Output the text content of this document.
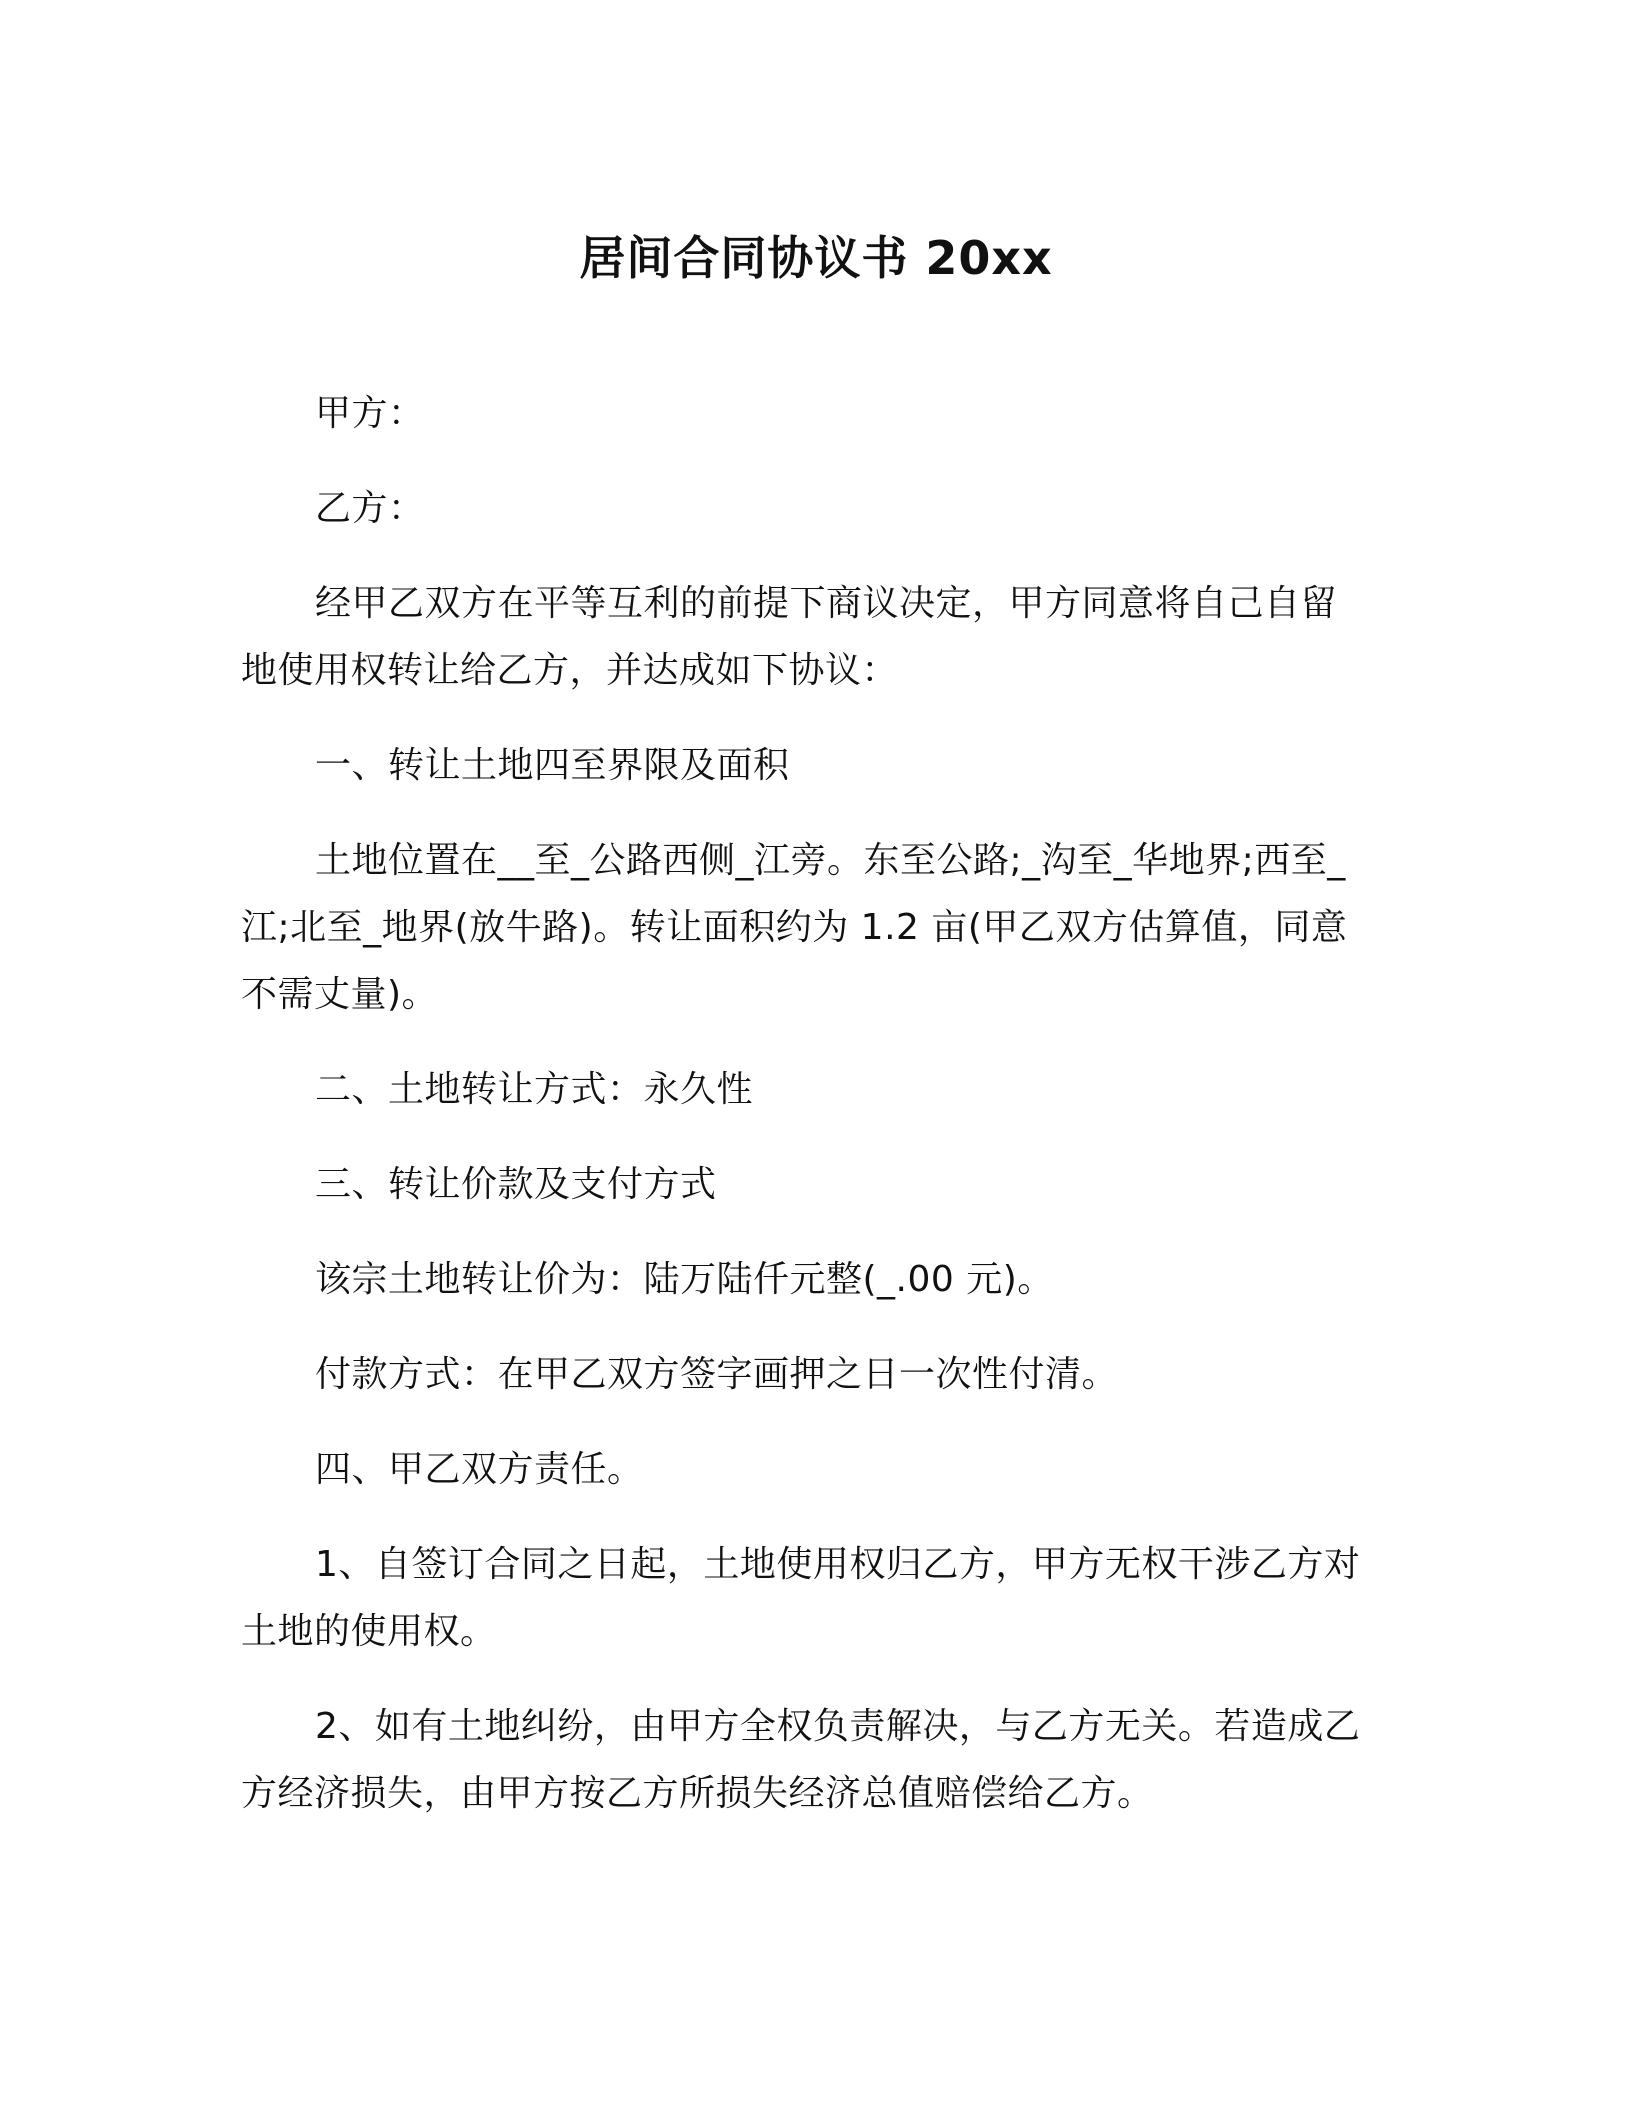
居间合同协议书 20xx

甲方：

乙方：

经甲乙双方在平等互利的前提下商议决定，甲方同意将自己自留地使用权转让给乙方，并达成如下协议：

一、转让土地四至界限及面积

土地位置在__至_公路西侧_江旁。东至公路;_沟至_华地界;西至_江;北至_地界(放牛路)。转让面积约为 1.2 亩(甲乙双方估算值，同意不需丈量)。

二、土地转让方式：永久性

三、转让价款及支付方式

该宗土地转让价为：陆万陆仟元整(_.00 元)。

付款方式：在甲乙双方签字画押之日一次性付清。

四、甲乙双方责任。

1、自签订合同之日起，土地使用权归乙方，甲方无权干涉乙方对土地的使用权。

2、如有土地纠纷，由甲方全权负责解决，与乙方无关。若造成乙方经济损失，由甲方按乙方所损失经济总值赔偿给乙方。
